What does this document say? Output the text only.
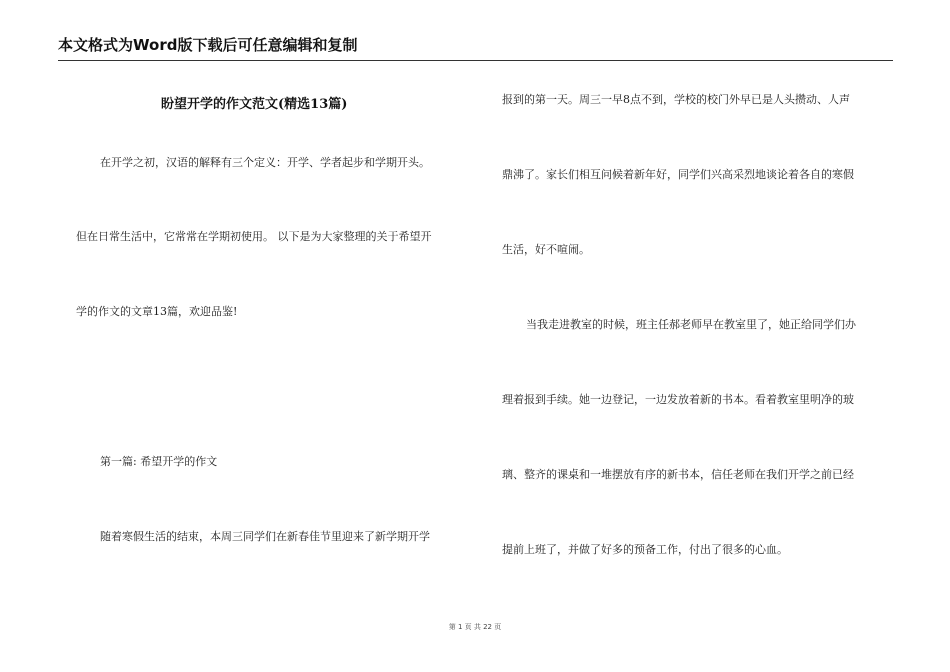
本文格式为Word版下载后可任意编辑和复制
盼望开学的作文范文(精选13篇)
在开学之初，汉语的解释有三个定义：开学、学者起步和学期开头。
但在日常生活中，它常常在学期初使用。 以下是为大家整理的关于希望开
学的作文的文章13篇，欢迎品鉴!
第一篇: 希望开学的作文
随着寒假生活的结束，本周三同学们在新春佳节里迎来了新学期开学
报到的第一天。周三一早8点不到，学校的校门外早已是人头攒动、人声
鼎沸了。家长们相互问候着新年好，同学们兴高采烈地谈论着各自的寒假
生活，好不喧闹。
当我走进教室的时候，班主任郝老师早在教室里了，她正给同学们办
理着报到手续。她一边登记，一边发放着新的书本。看着教室里明净的玻
璃、整齐的课桌和一堆摆放有序的新书本，信任老师在我们开学之前已经
提前上班了，并做了好多的预备工作，付出了很多的心血。
第 1 页 共 22 页
